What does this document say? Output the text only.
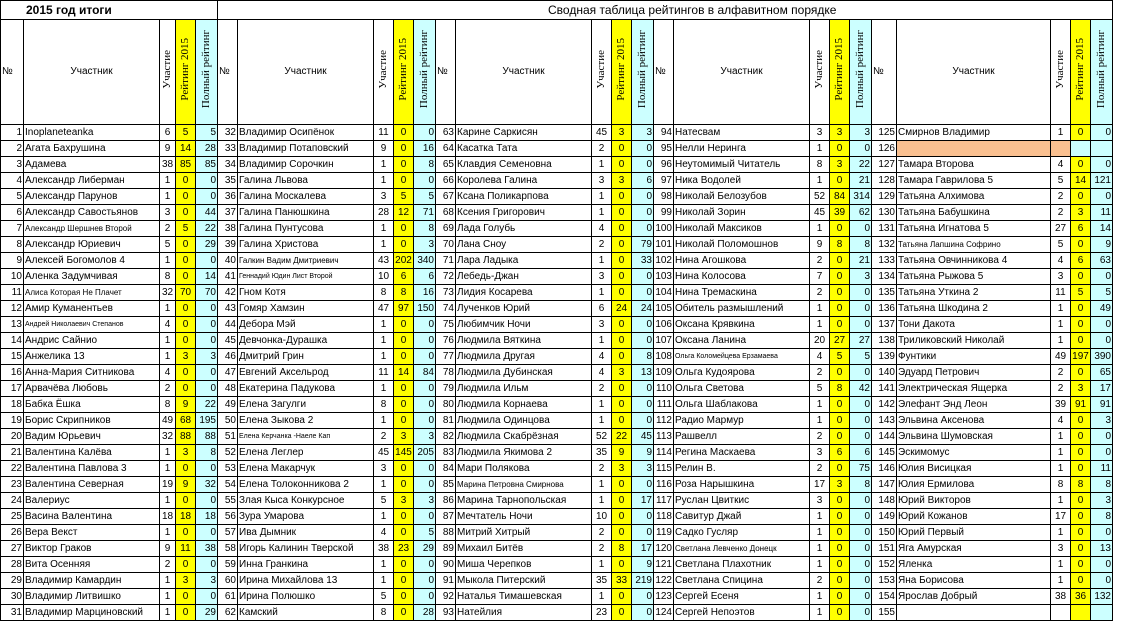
2015 год итоги					Сводная таблица рейтингов в алфавитном порядке																			
№	Участник	Участие	Рейтинг 2015	Полный рейтинг	№	Участник	Участие	Рейтинг 2015	Полный рейтинг	№	Участник	Участие	Рейтинг 2015	Полный рейтинг	№	Участник	Участие	Рейтинг 2015	Полный рейтинг	№	Участник	Участие	Рейтинг 2015	Полный рейтинг
1	Inoplaneteanka	6	5	5	32	Владимир Осипёнок	11	0	0	63	Карине Саркисян	45	3	3	94	Натесвам	3	3	3	125	Смирнов Владимир	1	0	0
2	Агата Бахрушина	9	14	28	33	Владимир Потаповский	9	0	16	64	Касатка Тата	2	0	0	95	Нелли Неринга	1	0	0	126				
3	Адамева	38	85	85	34	Владимир Сорочкин	1	0	8	65	Клавдия Семеновна	1	0	0	96	Неутомимый Читатель	8	3	22	127	Тамара Второва	4	0	0
4	Александр Либерман	1	0	0	35	Галина Львова	1	0	0	66	Королева Галина	3	3	6	97	Ника Водолей	1	0	21	128	Тамара Гаврилова 5	5	14	121
5	Александр Парунов	1	0	0	36	Галина Москалева	3	5	5	67	Ксана Поликарпова	1	0	0	98	Николай Белозубов	52	84	314	129	Татьяна Алхимова	2	0	0
6	Александр Савостьянов	3	0	44	37	Галина Панюшкина	28	12	71	68	Ксения Григорович	1	0	0	99	Николай Зорин	45	39	62	130	Татьяна Бабушкина	2	3	11
7	Александр Шершнев Второй	2	5	22	38	Галина Пунтусова	1	0	8	69	Лада Голубь	4	0	0	100	Николай Максиков	1	0	0	131	Татьяна Игнатова 5	27	6	14
8	Александр Юриевич	5	0	29	39	Галина Христова	1	0	3	70	Лана Сноу	2	0	79	101	Николай Поломошнов	9	8	8	132	Татьяна Лапшина Софрино	5	0	9
9	Алексей Богомолов 4	1	0	0	40	Галкин Вадим Дмитриевич	43	202	340	71	Лара Ладыка	1	0	33	102	Нина Агошкова	2	0	21	133	Татьяна Овчинникова 4	4	6	63
10	Аленка Задумчивая	8	0	14	41	Геннадий Юдин Лист Второй	10	6	6	72	Лебедь-Джан	3	0	0	103	Нина Колосова	7	0	3	134	Татьяна Рыжова 5	3	0	0
11	Алиса Которая Не Плачет	32	70	70	42	Гном Котя	8	8	16	73	Лидия Косарева	1	0	0	104	Нина Тремаскина	2	0	0	135	Татьяна Уткина 2	11	5	5
12	Амир Куманентьев	1	0	0	43	Гомяр Хамзин	47	97	150	74	Лученков Юрий	6	24	24	105	Обитель размышлений	1	0	0	136	Татьяна Шкодина 2	1	0	49
13	Андрей Николаевич Степанов	4	0	0	44	Дебора Мэй	1	0	0	75	Любимчик Ночи	3	0	0	106	Оксана Крявкина	1	0	0	137	Тони Дакота	1	0	0
14	Андрис Сайнио	1	0	0	45	Девчонка-Дурашка	1	0	0	76	Людмила Вяткина	1	0	0	107	Оксана Ланина	20	27	27	138	Триликовский Николай	1	0	0
15	Анжелика 13	1	3	3	46	Дмитрий Грин	1	0	0	77	Людмила Другая	4	0	8	108	Ольга Коломейцева Ерзамаева	4	5	5	139	Фунтики	49	197	390
16	Анна-Мария Ситникова	4	0	0	47	Евгений Аксельрод	11	14	84	78	Людмила Дубинская	4	3	13	109	Ольга Кудоярова	2	0	0	140	Эдуард Петрович	2	0	65
17	Арвачёва Любовь	2	0	0	48	Екатерина Падукова	1	0	0	79	Людмила Ильм	2	0	0	110	Ольга Светова	5	8	42	141	Электрическая Ящерка	2	3	17
18	Бабка Ёшка	8	9	22	49	Елена Загулги	8	0	0	80	Людмила Корнаева	1	0	0	111	Ольга Шаблакова	1	0	0	142	Элефант Энд Леон	39	91	91
19	Борис Скрипников	49	68	195	50	Елена Зыкова 2	1	0	0	81	Людмила Одинцова	1	0	0	112	Радио Мармур	1	0	0	143	Эльвина Аксенова	4	0	3
20	Вадим Юрьевич	32	88	88	51	Елена Керчанка -Наеле Кап	2	3	3	82	Людмила Скабрёзная	52	22	45	113	Рашвелл	2	0	0	144	Эльвина Шумовская	1	0	0
21	Валентина Калёва	1	3	8	52	Елена Леглер	45	145	205	83	Людмила Якимова 2	35	9	9	114	Регина Маскаева	3	6	6	145	Эскимомус	1	0	0
22	Валентина Павлова 3	1	0	0	53	Елена Макарчук	3	0	0	84	Мари Полякова	2	3	3	115	Релин В.	2	0	75	146	Юлия Висицкая	1	0	11
23	Валентина Северная	19	9	32	54	Елена Толоконникова 2	1	0	0	85	Марина Петровна Смирнова	1	0	0	116	Роза Нарышкина	17	3	8	147	Юлия Ермилова	8	8	8
24	Валериус	1	0	0	55	Злая Кыса Конкурсное	5	3	3	86	Марина Тарнопольская	1	0	17	117	Руслан Цвиткис	3	0	0	148	Юрий Викторов	1	0	3
25	Васина Валентина	18	18	18	56	Зура Умарова	1	0	0	87	Мечтатель Ночи	10	0	0	118	Савитур Джай	1	0	0	149	Юрий Кожанов	17	0	8
26	Вера Векст	1	0	0	57	Ива Дымник	4	0	5	88	Митрий Хитрый	2	0	0	119	Садко Гусляр	1	0	0	150	Юрий Первый	1	0	0
27	Виктор Граков	9	11	38	58	Игорь Калинин Тверской	38	23	29	89	Михаил Битёв	2	8	17	120	Светлана Левченко Донецк	1	0	0	151	Яга Амурская	3	0	13
28	Вита Осенняя	2	0	0	59	Инна Гранкина	1	0	0	90	Миша Черепков	1	0	9	121	Светлана Плахотник	1	0	0	152	Яленка	1	0	0
29	Владимир Камардин	1	3	3	60	Ирина Михайлова 13	1	0	0	91	Мыкола Питерский	35	33	219	122	Светлана Спицина	2	0	0	153	Яна Борисова	1	0	0
30	Владимир Литвишко	1	0	0	61	Ирина Полюшко	5	0	0	92	Наталья Тимашевская	1	0	0	123	Сергей Есеня	1	0	0	154	Ярослав Добрый	38	36	132
31	Владимир Марциновский	1	0	29	62	Камский	8	0	28	93	Натейлия	23	0	0	124	Сергей Непоэтов	1	0	0	155				
